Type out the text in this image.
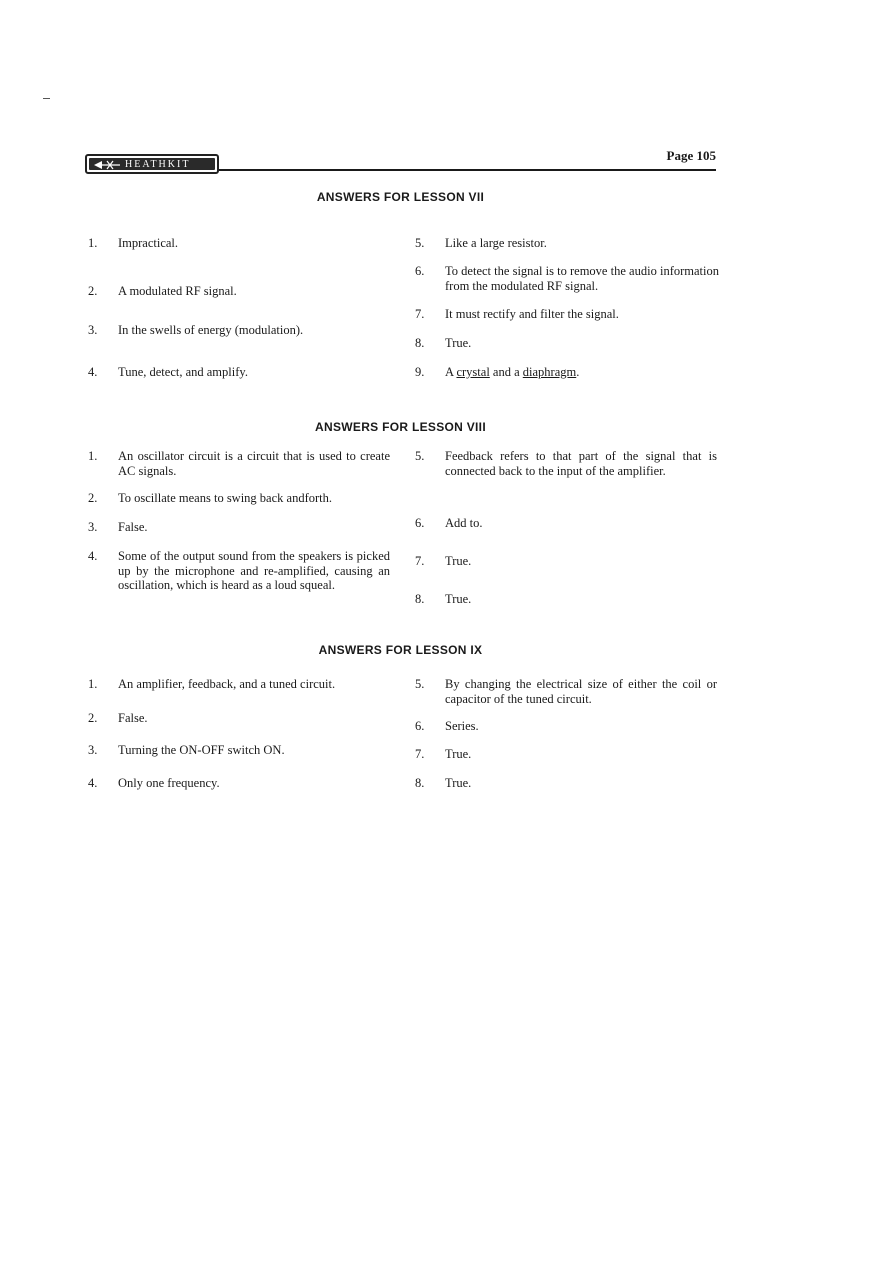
HEATHKIT
Page 105
ANSWERS FOR LESSON VII
1.	Impractical.
2.	A modulated RF signal.
3.	In the swells of energy (modulation).
4.	Tune, detect, and amplify.
5.	Like a large resistor.
6.	To detect the signal is to remove the audio information from the modulated RF signal.
7.	It must rectify and filter the signal.
8.	True.
9.	A crystal and a diaphragm.
ANSWERS FOR LESSON VIII
1.	An oscillator circuit is a circuit that is used to create AC signals.
2.	To oscillate means to swing back andforth.
3.	False.
4.	Some of the output sound from the speakers is picked up by the microphone and re-amplified, causing an oscillation, which is heard as a loud squeal.
5.	Feedback refers to that part of the signal that is connected back to the input of the amplifier.
6.	Add to.
7.	True.
8.	True.
ANSWERS FOR LESSON IX
1.	An amplifier, feedback, and a tuned circuit.
2.	False.
3.	Turning the ON-OFF switch ON.
4.	Only one frequency.
5.	By changing the electrical size of either the coil or capacitor of the tuned circuit.
6.	Series.
7.	True.
8.	True.
